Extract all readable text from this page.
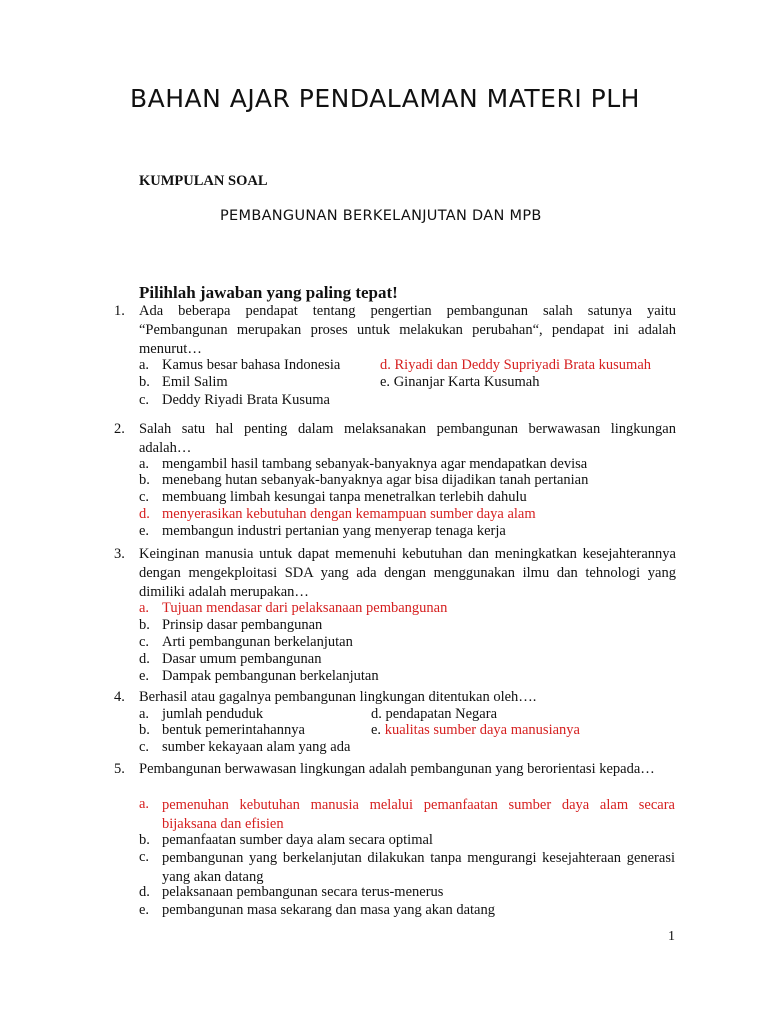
BAHAN AJAR PENDALAMAN MATERI PLH
KUMPULAN SOAL
PEMBANGUNAN BERKELANJUTAN DAN MPB
Pilihlah jawaban yang paling tepat!
1. Ada beberapa pendapat tentang pengertian pembangunan salah satunya yaitu “Pembangunan merupakan proses untuk melakukan perubahan“, pendapat ini adalah menurut…
a. Kamus besar bahasa Indonesia
b. Emil Salim
c. Deddy Riyadi Brata Kusuma
d. Riyadi dan Deddy Supriyadi Brata kusumah
e. Ginanjar Karta Kusumah
2. Salah satu hal penting dalam melaksanakan pembangunan berwawasan lingkungan adalah…
a. mengambil hasil tambang sebanyak-banyaknya agar mendapatkan devisa
b. menebang hutan sebanyak-banyaknya agar bisa dijadikan tanah pertanian
c. membuang limbah kesungai tanpa menetralkan terlebih dahulu
d. menyerasikan kebutuhan dengan kemampuan sumber daya alam
e. membangun industri pertanian yang menyerap tenaga kerja
3. Keinginan manusia untuk dapat memenuhi kebutuhan dan meningkatkan kesejahterannya dengan mengekploitasi SDA yang ada dengan menggunakan ilmu dan tehnologi yang dimiliki adalah merupakan…
a. Tujuan mendasar dari pelaksanaan pembangunan
b. Prinsip dasar pembangunan
c. Arti pembangunan berkelanjutan
d. Dasar umum pembangunan
e. Dampak pembangunan berkelanjutan
4. Berhasil atau gagalnya pembangunan lingkungan ditentukan oleh….
a. jumlah penduduk
b. bentuk pemerintahannya
c. sumber kekayaan alam yang ada
d. pendapatan Negara
e. kualitas sumber daya manusianya
5. Pembangunan berwawasan lingkungan adalah pembangunan yang berorientasi kepada…
a. pemenuhan kebutuhan manusia melalui pemanfaatan sumber daya alam secara bijaksana dan efisien
b. pemanfaatan sumber daya alam secara optimal
c. pembangunan yang berkelanjutan dilakukan tanpa mengurangi kesejahteraan generasi yang akan datang
d. pelaksanaan pembangunan secara terus-menerus
e. pembangunan masa sekarang dan masa yang akan datang
1
